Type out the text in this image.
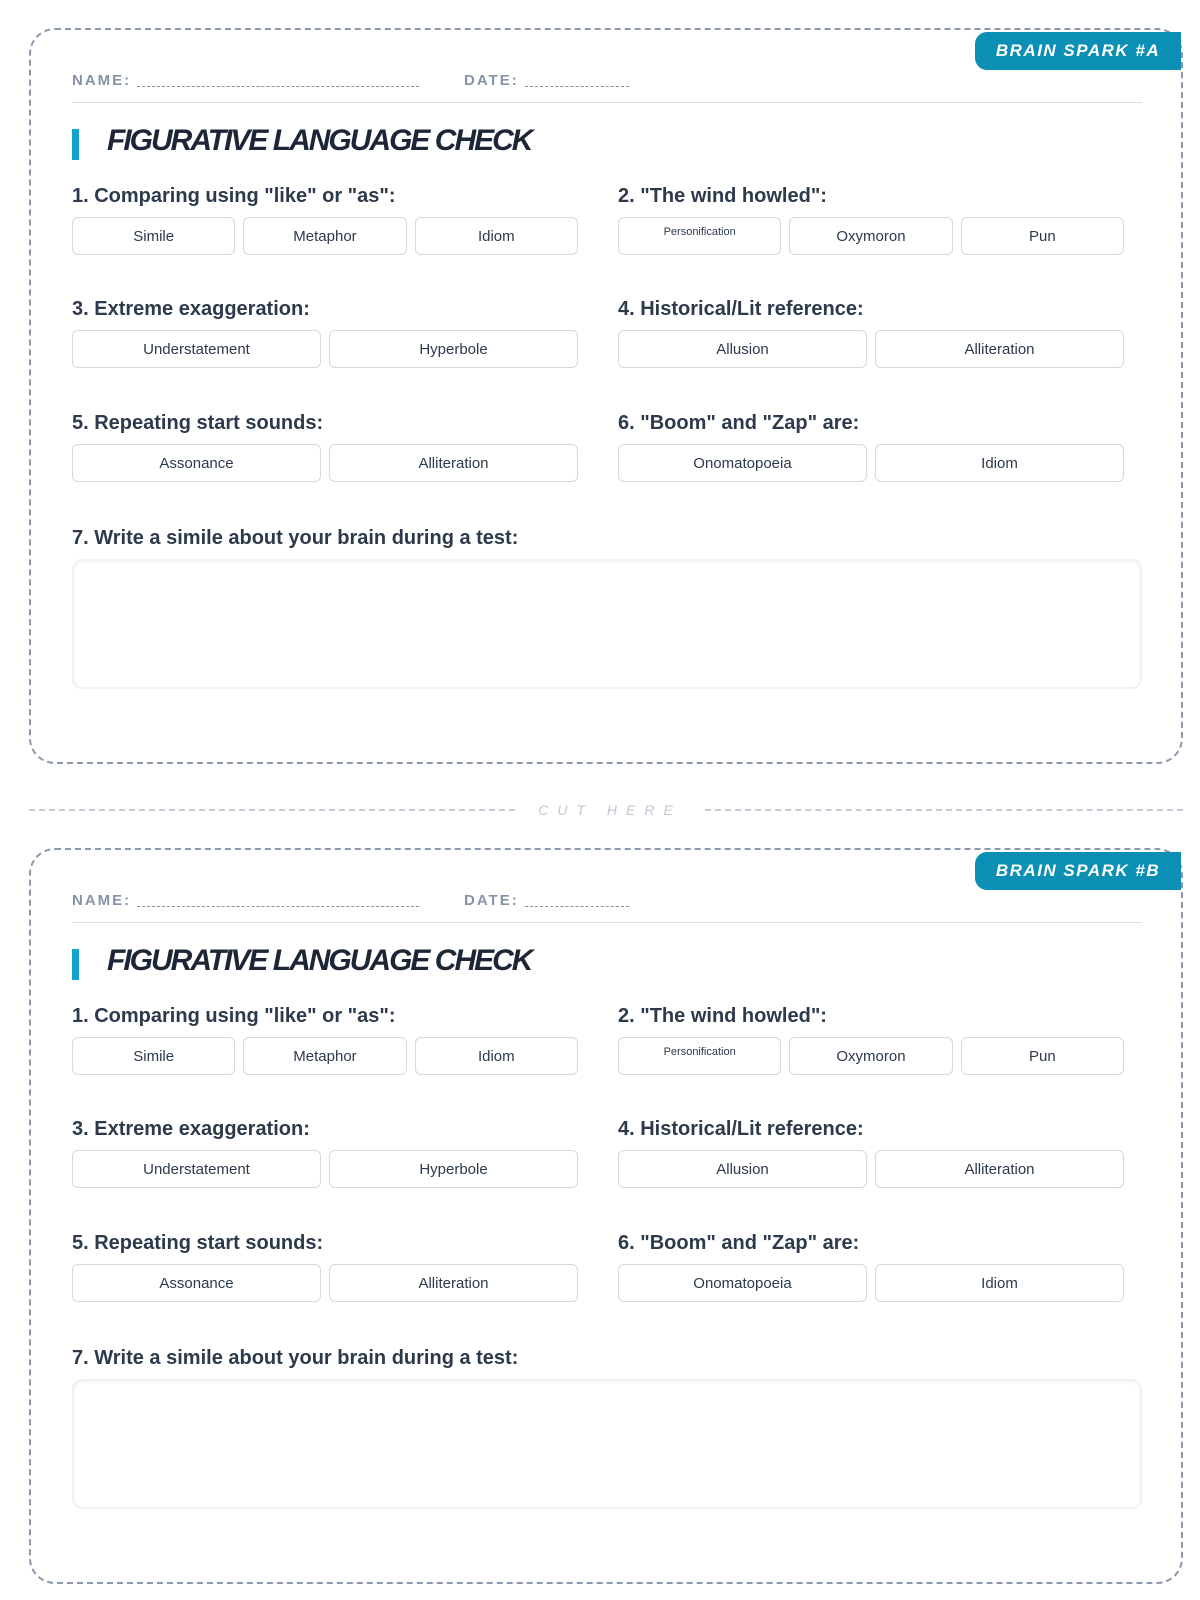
BRAIN SPARK #A
NAME:	DATE:
FIGURATIVE LANGUAGE CHECK
1. Comparing using "like" or "as":
Simile	Metaphor	Idiom
2. "The wind howled":
Personification	Oxymoron	Pun
3. Extreme exaggeration:
Understatement	Hyperbole
4. Historical/Lit reference:
Allusion	Alliteration
5. Repeating start sounds:
Assonance	Alliteration
6. "Boom" and "Zap" are:
Onomatopoeia	Idiom
7. Write a simile about your brain during a test:
CUT HERE
BRAIN SPARK #B
NAME:	DATE:
FIGURATIVE LANGUAGE CHECK
1. Comparing using "like" or "as":
Simile	Metaphor	Idiom
2. "The wind howled":
Personification	Oxymoron	Pun
3. Extreme exaggeration:
Understatement	Hyperbole
4. Historical/Lit reference:
Allusion	Alliteration
5. Repeating start sounds:
Assonance	Alliteration
6. "Boom" and "Zap" are:
Onomatopoeia	Idiom
7. Write a simile about your brain during a test:
